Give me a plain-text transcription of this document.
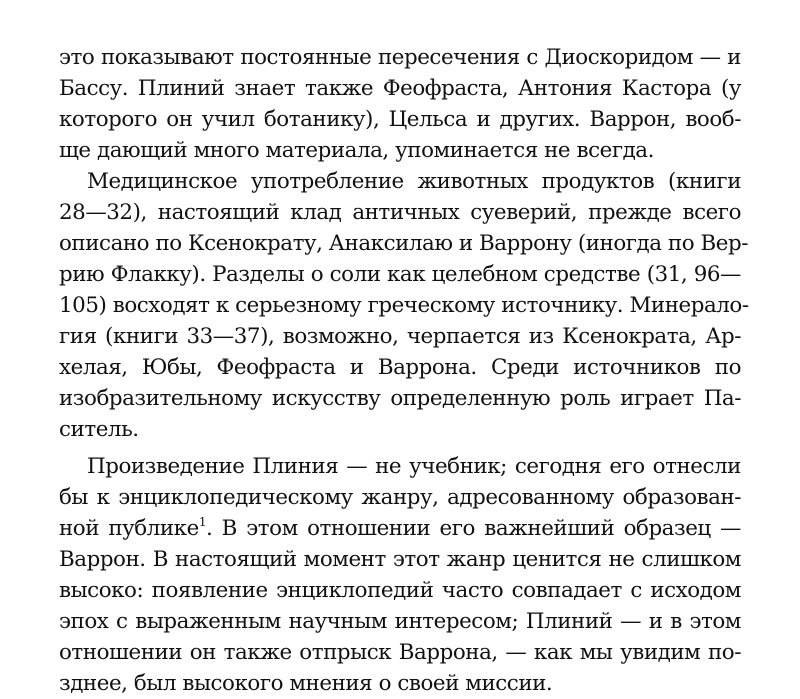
это показывают постоянные пересечения с Диоскоридом — и
Бассу. Плиний знает также Феофраста, Антония Кастора (у
которого он учил ботанику), Цельса и других. Варрон, вооб-
ще дающий много материала, упоминается не всегда.
Медицинское употребление животных продуктов (книги
28—32), настоящий клад античных суеверий, прежде всего
описано по Ксенократу, Анаксилаю и Варрону (иногда по Вер-
рию Флакку). Разделы о соли как целебном средстве (31, 96—
105) восходят к серьезному греческому источнику. Минерало-
гия (книги 33—37), возможно, черпается из Ксенократа, Ар-
хелая, Юбы, Феофраста и Варрона. Среди источников по
изобразительному искусству определенную роль играет Па-
ситель.
Произведение Плиния — не учебник; сегодня его отнесли
бы к энциклопедическому жанру, адресованному образован-
ной публике$^1$. В этом отношении его важнейший образец —
Варрон. В настоящий момент этот жанр ценится не слишком
высоко: появление энциклопедий часто совпадает с исходом
эпох с выраженным научным интересом; Плиний — и в этом
отношении он также отпрыск Варрона, — как мы увидим по-
зднее, был высокого мнения о своей миссии.
